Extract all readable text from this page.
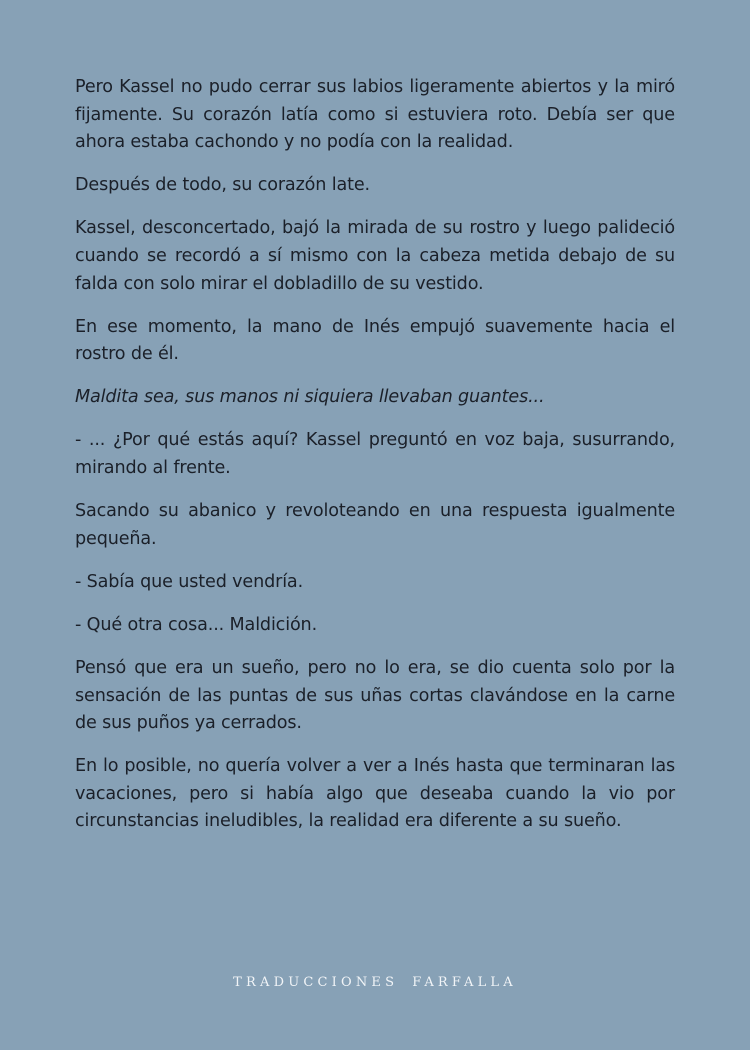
Pero Kassel no pudo cerrar sus labios ligeramente abiertos y la miró fijamente. Su corazón latía como si estuviera roto. Debía ser que ahora estaba cachondo y no podía con la realidad.

Después de todo, su corazón late.

Kassel, desconcertado, bajó la mirada de su rostro y luego palideció cuando se recordó a sí mismo con la cabeza metida debajo de su falda con solo mirar el dobladillo de su vestido.

En ese momento, la mano de Inés empujó suavemente hacia el rostro de él.

Maldita sea, sus manos ni siquiera llevaban guantes...

- ... ¿Por qué estás aquí? Kassel preguntó en voz baja, susurrando, mirando al frente.

Sacando su abanico y revoloteando en una respuesta igualmente pequeña.

- Sabía que usted vendría.

- Qué otra cosa... Maldición.

Pensó que era un sueño, pero no lo era, se dio cuenta solo por la sensación de las puntas de sus uñas cortas clavándose en la carne de sus puños ya cerrados.

En lo posible, no quería volver a ver a Inés hasta que terminaran las vacaciones, pero si había algo que deseaba cuando la vio por circunstancias ineludibles, la realidad era diferente a su sueño.

TRADUCCIONES FARFALLA
